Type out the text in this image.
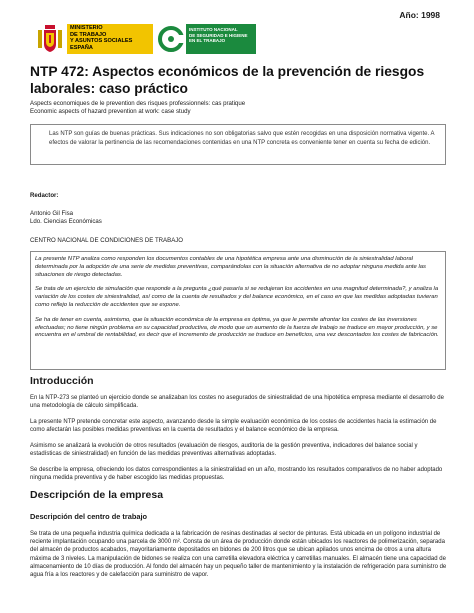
Año: 1998
MINISTERIO
DE TRABAJO
Y ASUNTOS SOCIALES
ESPAÑA
INSTITUTO NACIONAL
DE SEGURIDAD E HIGIENE
EN EL TRABAJO
NTP 472: Aspectos económicos de la prevención de riesgos laborales: caso práctico
Aspects economiques de le prevention des risques professionnels: cas pratique
Economic aspects of hazard prevention at work: case study
Las NTP son guías de buenas prácticas. Sus indicaciones no son obligatorias salvo que estén recogidas en una disposición normativa vigente. A efectos de valorar la pertinencia de las recomendaciones contenidas en una NTP concreta es conveniente tener en cuenta su fecha de edición.
Redactor:
Antonio Gil Fisa
Ldo. Ciencias Económicas
CENTRO NACIONAL DE CONDICIONES DE TRABAJO

La presente NTP analiza como responden los documentos contables de una hipotética empresa ante una disminución de la siniestralidad laboral determinada por la adopción de una serie de medidas preventivas, comparándolas con la situación alternativa de no adoptar ninguna medida ante las situaciones de riesgo detectadas.

Se trata de un ejercicio de simulación que responde a la pregunta ¿qué pasaría si se redujeran los accidentes en una magnitud determinada?, y analiza la variación de los costes de siniestralidad, así como de la cuenta de resultados y del balance económico, en el caso en que las medidas adoptadas tuvieran como reflejo la reducción de accidentes que se expone.

Se ha de tener en cuenta, asimismo, que la situación económica de la empresa es óptima, ya que le permite afrontar los costes de las inversiones efectuadas; no tiene ningún problema en su capacidad productiva, de modo que un aumento de la fuerza de trabajo se traduce en mayor producción, y se encuentra en el umbral de rentabilidad, es decir que el incremento de producción se traduce en beneficios, una vez descontados los costes de fabricación.

Introducción

En la NTP-273 se planteó un ejercicio donde se analizaban los costes no asegurados de siniestralidad de una hipotética empresa mediante el desarrollo de una metodología de cálculo simplificada.

La presente NTP pretende concretar este aspecto, avanzando desde la simple evaluación económica de los costes de accidentes hacia la estimación de como afectarán las posibles medidas preventivas en la cuenta de resultados y el balance económico de la empresa.

Asimismo se analizará la evolución de otros resultados (evaluación de riesgos, auditoría de la gestión preventiva, indicadores del balance social y estadísticas de siniestralidad) en función de las medidas preventivas alternativas adoptadas.

Se describe la empresa, ofreciendo los datos correspondientes a la siniestralidad en un año, mostrando los resultados comparativos de no haber adoptado ninguna medida preventiva y de haber escogido las medidas propuestas.

Descripción de la empresa
Descripción del centro de trabajo

Se trata de una pequeña industria química dedicada a la fabricación de resinas destinadas al sector de pinturas. Está ubicada en un polígono industrial de reciente implantación ocupando una parcela de 3000 m². Consta de un área de producción donde están ubicados los reactores de polimerización, separada del almacén de productos acabados, mayoritariamente depositados en bidones de 200 litros que se ubican apilados unos encima de otros a una altura máxima de 3 niveles. La manipulación de bidones se realiza con una carretilla elevadora eléctrica y carretillas manuales. El almacén tiene una capacidad de almacenamiento de 10 días de producción. Al fondo del almacén hay un pequeño taller de mantenimiento y la instalación de refrigeración para suministro de agua fría a los reactores y de calefacción para suministro de vapor.
